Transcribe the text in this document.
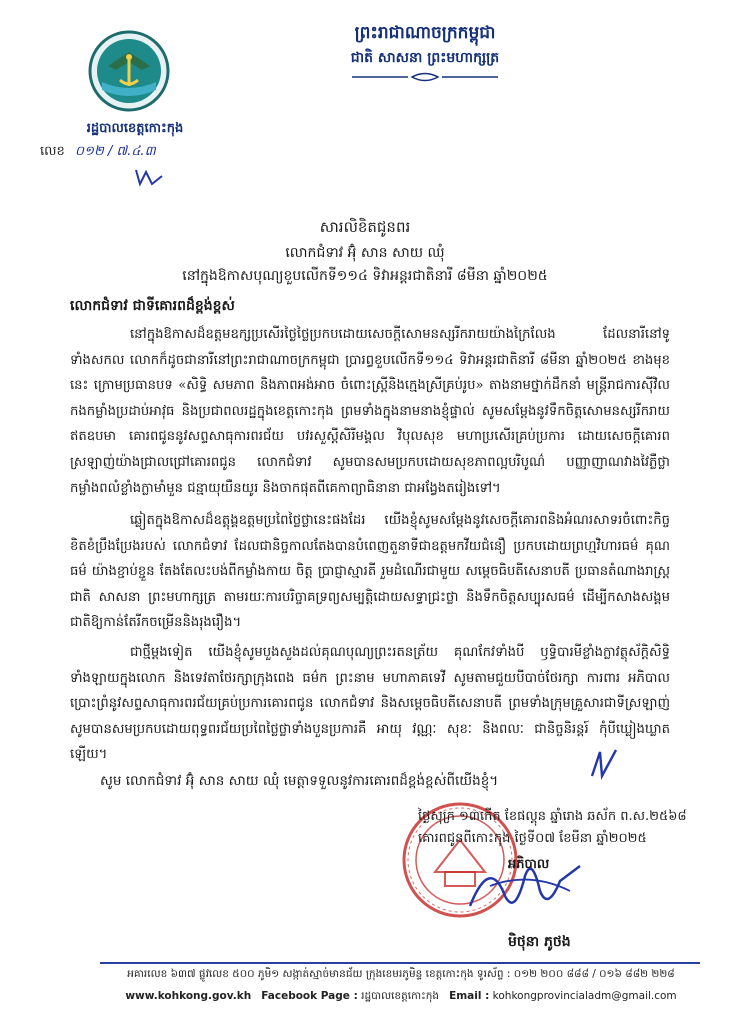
រដ្ឋបាលខេត្តកោះកុង
លេខ ០១២ / ៧.៤.៣
ព្រះរាជាណាចក្រកម្ពុជា
ជាតិ សាសនា ព្រះមហាក្សត្រ
សារលិខិតជូនពរ
លោកជំទាវ អ៊ុំ សាន សាយ ឈុំ
នៅក្នុងឱកាសបុណ្យខួបលើកទី១១៤ ទិវាអន្តរជាតិនារី ៨មីនា ឆ្នាំ២០២៥
លោកជំទាវ ជាទីគោរពដ៏ខ្ពង់ខ្ពស់

នៅក្នុងឱកាសដ៏ឧត្តមឧក្សប្រសើរថ្ងៃថ្លៃប្រកបដោយសេចក្តីសោមនស្សរីករាយយ៉ាងក្រៃលែង ដែលនារីនៅទូទាំងសកល លោកក៏ដូចជានារីនៅព្រះរាជាណាចក្រកម្ពុជា ប្រារព្ធខួបលើកទី១១៤ ទិវាអន្តរជាតិនារី ៨មីនា ឆ្នាំ២០២៥ ខាងមុខនេះ ក្រោមប្រធានបទ «សិទ្ធិ សមភាព និងភាពអង់អាច ចំពោះស្ត្រីនិងក្មេងស្រីគ្រប់រូប» តាងនាមថ្នាក់ដឹកនាំ មន្ត្រីរាជការស៊ីវិល កងកម្លាំងប្រដាប់អាវុធ និងប្រជាពលរដ្ឋក្នុងខេត្តកោះកុង ព្រមទាំងក្នុងនាមនាងខ្ញុំផ្ទាល់ សូមសម្តែងនូវទឹកចិត្តសោមនស្សរីករាយឥតឧបមា គោរពជូននូវសព្ទសាធុការពរជ័យ បវរសួស្តីសិរីមង្គល វិបុលសុខ មហាប្រសើរគ្រប់ប្រការ ដោយសេចក្តីគោរពស្រឡាញ់យ៉ាងជ្រាលជ្រៅគោរពជូន លោកជំទាវ សូមបានសមប្រកបដោយសុខភាពល្អបរិបូណ៌ បញ្ញាញាណវាងវៃភ្លឺថ្លា កម្លាំងពលំខ្លាំងក្លាមាំមួន ជន្មាយុយឺនយូរ និងចាកផុតពីគេកាព្យាធិនានា ជាអង្វែងតរៀងទៅ។

ឆ្លៀតក្នុងឱកាសដ៏ឧត្តុង្គឧត្តមប្រពៃថ្លៃថ្លានេះផងដែរ យើងខ្ញុំសូមសម្តែងនូវសេចក្តីគោរពនិងអំណរសាទរចំពោះកិច្ចខិតខំប្រឹងប្រែងរបស់ លោកជំទាវ ដែលជានិច្ចកាលតែងបានបំពេញតួនាទីជាឧត្តមកវីយជំនឿ ប្រកបដោយព្រហ្មវិហារធម៌ គុណធម៌ យ៉ាងខ្ជាប់ខ្ជួន តែងតែលះបង់ពីកម្លាំងកាយ ចិត្ត ប្រាជ្ញាស្មារតី រួមដំណើរជាមួយ សម្តេចធិបតីសេនាបតី ប្រធានតំណាងរាស្ត្រ ជាតិ សាសនា ព្រះមហាក្សត្រ តាមរយៈការបរិច្ចាគទ្រព្យសម្បត្តិដោយសទ្ធាជ្រះថ្លា និងទឹកចិត្តសប្បុរសធម៌ ដើម្បីកសាងសង្គម ជាតិឱ្យកាន់តែរីកចម្រើននិងរុងរឿង។

ជាថ្មីម្តងទៀត យើងខ្ញុំសូមបួងសួងដល់គុណបុណ្យព្រះរតនត្រ័យ គុណកែវទាំងបី ឫទ្ធិបារមីខ្លាំងក្លាវត្ថុស័ក្តិសិទ្ធិទាំងឡាយក្នុងលោក និងទេវតាថែរក្សាក្រុងពេង ធម៌ក ព្រះនាម មហាភាគទេវី សូមតាមជួយបីបាច់ថែរក្សា ការពារ អភិបាល ប្រោះព្រំនូវសព្ទសាធុការពរជ័យគ្រប់ប្រការគោរពជូន លោកជំទាវ និងសម្តេចធិបតីសេនាបតី ព្រមទាំងក្រុមគ្រួសារជាទីស្រឡាញ់ សូមបានសមប្រកបដោយពុទ្ធពរជ័យប្រពៃថ្លៃថ្លាទាំងបួនប្រការគឺ អាយុ វណ្ណៈ សុខៈ និងពលៈ ជានិច្ចនិរន្តរ៍ កុំបីឃ្លៀងឃ្លាតឡើយ។

សូម លោកជំទាវ អ៊ុំ សាន សាយ ឈុំ មេត្តាទទួលនូវការគោរពដ៏ខ្ពង់ខ្ពស់ពីយើងខ្ញុំ។
ថ្ងៃសុក្រ ១៣កើត ខែផល្គុន ឆ្នាំរោង ឆស័ក ព.ស.២៥៦៨
គោរពជូនពីកោះកុង ថ្ងៃទី០៧ ខែមីនា ឆ្នាំ២០២៥
អភិបាល
មិថុនា ភូថង
អគារលេខ ៦៣៧ ផ្លូវលេខ ៥០០ ភូមិ១ សង្កាត់ស្មាច់មានជ័យ ក្រុងខេមរភូមិន្ទ ខេត្តកោះកុង ទូរស័ព្ទ : ០១២ ២០០ ៨៨៨ / ០១៦ ៨៨២ ២២៨
www.kohkong.gov.kh Facebook Page : រដ្ឋបាលខេត្តកោះកុង Email : kohkongprovincialadm@gmail.com
